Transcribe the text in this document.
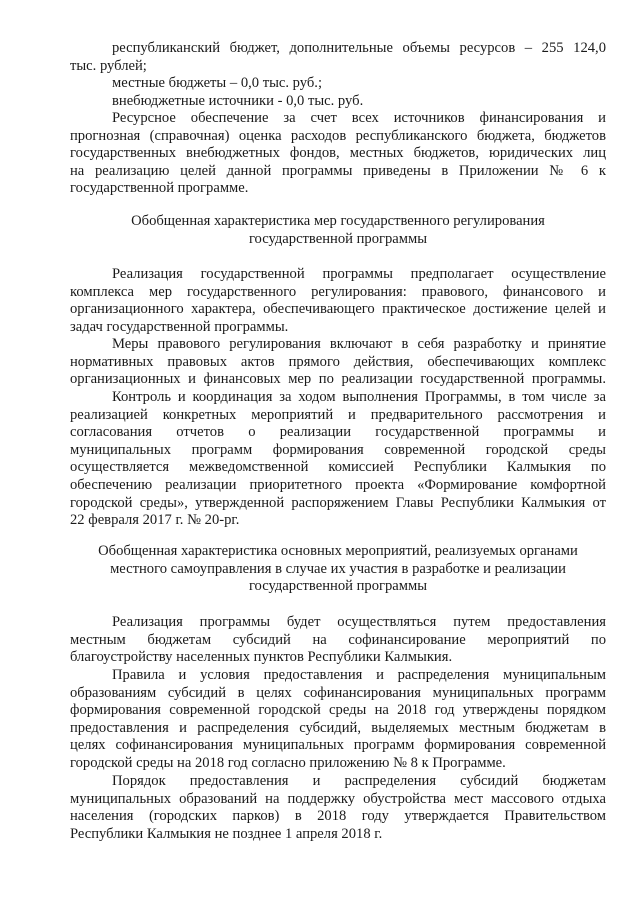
республиканский бюджет, дополнительные объемы ресурсов – 255 124,0
тыс. рублей;
местные бюджеты – 0,0 тыс. руб.;
внебюджетные источники - 0,0 тыс. руб.
Ресурсное обеспечение за счет всех источников финансирования и
прогнозная (справочная) оценка расходов республиканского бюджета, бюджетов
государственных внебюджетных фондов, местных бюджетов, юридических лиц
на реализацию целей данной программы приведены в Приложении № 6 к
государственной программе.
Обобщенная характеристика мер государственного регулирования
государственной программы
Реализация государственной программы предполагает осуществление
комплекса мер государственного регулирования: правового, финансового и
организационного характера, обеспечивающего практическое достижение целей и
задач государственной программы.
Меры правового регулирования включают в себя разработку и принятие
нормативных правовых актов прямого действия, обеспечивающих комплекс
организационных и финансовых мер по реализации государственной программы.
Контроль и координация за ходом выполнения Программы, в том числе за
реализацией конкретных мероприятий и предварительного рассмотрения и
согласования отчетов о реализации государственной программы и
муниципальных программ формирования современной городской среды
осуществляется межведомственной комиссией Республики Калмыкия по
обеспечению реализации приоритетного проекта «Формирование комфортной
городской среды», утвержденной распоряжением Главы Республики Калмыкия от
22 февраля 2017 г. № 20-рг.
Обобщенная характеристика основных мероприятий, реализуемых органами
местного самоуправления в случае их участия в разработке и реализации
государственной программы
Реализация программы будет осуществляться путем предоставления
местным бюджетам субсидий на софинансирование мероприятий по
благоустройству населенных пунктов Республики Калмыкия.
Правила и условия предоставления и распределения муниципальным
образованиям субсидий в целях софинансирования муниципальных программ
формирования современной городской среды на 2018 год утверждены порядком
предоставления и распределения субсидий, выделяемых местным бюджетам в
целях софинансирования муниципальных программ формирования современной
городской среды на 2018 год согласно приложению № 8 к Программе.
Порядок предоставления и распределения субсидий бюджетам
муниципальных образований на поддержку обустройства мест массового отдыха
населения (городских парков) в 2018 году утверждается Правительством
Республики Калмыкия не позднее 1 апреля 2018 г.
